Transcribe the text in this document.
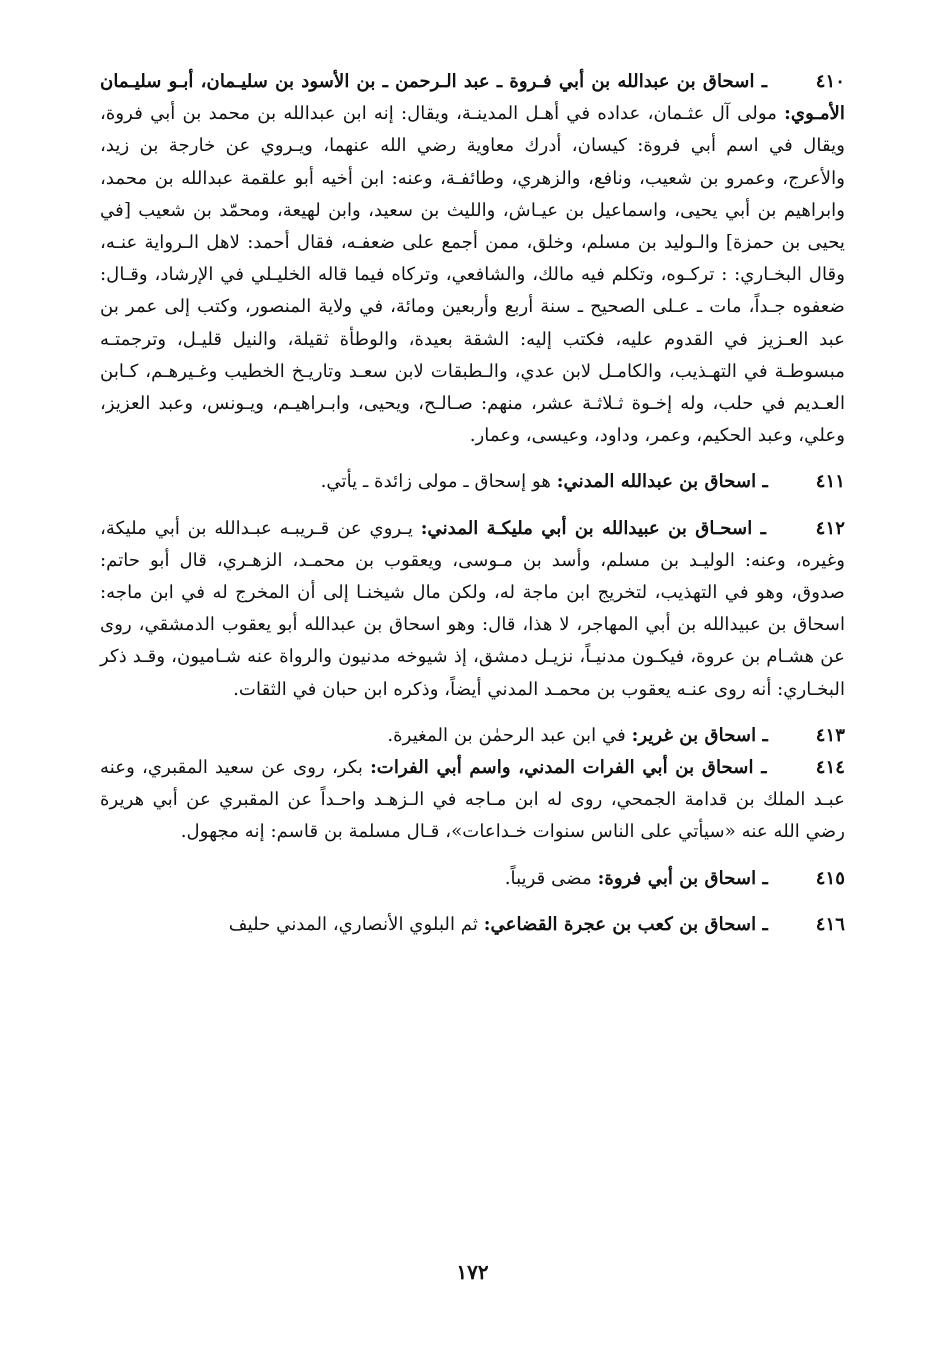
٤١٠ ـ اسحاق بن عبدالله بن أبي فـروة ـ عبد الـرحمن ـ بن الأسود بن سليـمان، أبـو سليـمان الأمـوي: مولى آل عثـمان، عداده في أهـل المدينـة، ويقال: إنه ابن عبدالله بن محمد بن أبي فروة، ويقال في اسم أبي فروة: كيسان، أدرك معاوية رضي الله عنهما، ويـروي عن خارجة بن زيد، والأعرج، وعمرو بن شعيب، ونافع، والزهري، وطائفـة، وعنه: ابن أخيه أبو علقمة عبدالله بن محمد، وابراهيم بن أبي يحيى، واسماعيل بن عيـاش، والليث بن سعيد، وابن لهيعة، ومحمّد بن شعيب [في يحيى بن حمزة] والـوليد بن مسلم، وخلق، ممن أجمع على ضعفـه، فقال أحمد: لاهل الـرواية عنـه، وقال البخـاري: : تركـوه، وتكلم فيه مالك، والشافعي، وتركاه فيما قاله الخليـلي في الإرشاد، وقـال: ضعفوه جـداً، مات ـ عـلى الصحيح ـ سنة أربع وأربعين ومائة، في ولاية المنصور، وكتب إلى عمر بن عبد العـزيز في القدوم عليه، فكتب إليه: الشقة بعيدة، والوطأة ثقيلة، والنيل قليـل، وترجمتـه مبسوطـة في التهـذيب، والكامـل لابن عدي، والـطبقات لابن سعـد وتاريـخ الخطيب وغـيرهـم، كـابن العـديم في حلب، وله إخـوة ثـلاثـة عشر، منهم: صـالـح، ويحيى، وابـراهيـم، ويـونس، وعبد العزيز، وعلي، وعبد الحكيم، وعمر، وداود، وعيسى، وعمار.
٤١١ ـ اسحاق بن عبدالله المدني: هو إسحاق ـ مولى زائدة ـ يأتي.
٤١٢ ـ اسحـاق بن عبيدالله بن أبي مليكـة المدني: يـروي عن قـريبـه عبـدالله بن أبي مليكة، وغيره، وعنه: الوليـد بن مسلم، وأسد بن مـوسى، ويعقوب بن محمـد، الزهـري، قال أبو حاتم: صدوق، وهو في التهذيب، لتخريج ابن ماجة له، ولكن مال شيخنـا إلى أن المخرج له في ابن ماجه: اسحاق بن عبيدالله بن أبي المهاجر، لا هذا، قال: وهو اسحاق بن عبدالله أبو يعقوب الدمشقي، روى عن هشـام بن عروة، فيكـون مدنيـاً، نزيـل دمشق، إذ شيوخه مدنيون والرواة عنه شـاميون، وقـد ذكر البخـاري: أنه روى عنـه يعقوب بن محمـد المدني أيضاً، وذكره ابن حبان في الثقات.
٤١٣ ـ اسحاق بن غرير: في ابن عبد الرحمٰن بن المغيرة.
٤١٤ ـ اسحاق بن أبي الفرات المدني، واسم أبي الفرات: بكر، روى عن سعيد المقبري، وعنه عبـد الملك بن قدامة الجمحي، روى له ابن مـاجه في الـزهـد واحـداً عن المقبري عن أبي هريرة رضي الله عنه «سيأتي على الناس سنوات خـداعات»، قـال مسلمة بن قاسم: إنه مجهول.
٤١٥ ـ اسحاق بن أبي فروة: مضى قريباً.
٤١٦ ـ اسحاق بن كعب بن عجرة القضاعي: ثم البلوي الأنصاري، المدني حليف
١٧٢
